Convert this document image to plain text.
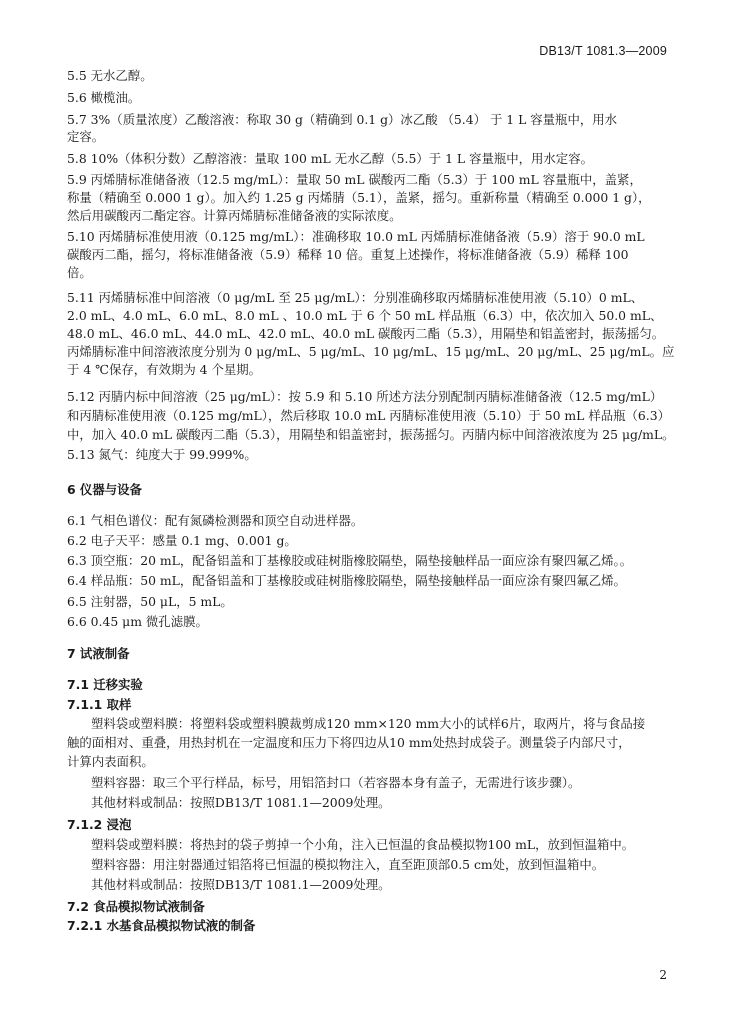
DB13/T 1081.3—2009
5.5 无水乙醇。
5.6 橄榄油。
5.7 3%（质量浓度）乙酸溶液：称取 30 g（精确到 0.1 g）冰乙酸 （5.4） 于 1 L 容量瓶中，用水
定容。
5.8 10%（体积分数）乙醇溶液：量取 100 mL 无水乙醇（5.5）于 1 L 容量瓶中，用水定容。
5.9 丙烯腈标准储备液（12.5 mg/mL）：量取 50 mL 碳酸丙二酯（5.3）于 100 mL 容量瓶中，盖紧，
称量（精确至 0.000 1 g）。加入约 1.25 g 丙烯腈（5.1），盖紧，摇匀。重新称量（精确至 0.000 1 g），
然后用碳酸丙二酯定容。计算丙烯腈标准储备液的实际浓度。
5.10 丙烯腈标准使用液（0.125 mg/mL）：准确移取 10.0 mL 丙烯腈标准储备液（5.9）溶于 90.0 mL
碳酸丙二酯，摇匀，将标准储备液（5.9）稀释 10 倍。重复上述操作，将标准储备液（5.9）稀释 100
倍。
5.11 丙烯腈标准中间溶液（0 μg/mL 至 25 μg/mL）：分别准确移取丙烯腈标准使用液（5.10）0 mL、
2.0 mL、4.0 mL、6.0 mL、8.0 mL 、10.0 mL 于 6 个 50 mL 样品瓶（6.3）中，依次加入 50.0 mL、
48.0 mL、46.0 mL、44.0 mL、42.0 mL、40.0 mL 碳酸丙二酯（5.3），用隔垫和铝盖密封，振荡摇匀。
丙烯腈标准中间溶液浓度分别为 0 μg/mL、5 μg/mL、10 μg/mL、15 μg/mL、20 μg/mL、25 μg/mL。应
于 4 ℃保存，有效期为 4 个星期。
5.12 丙腈内标中间溶液（25 μg/mL）：按 5.9 和 5.10 所述方法分别配制丙腈标准储备液（12.5 mg/mL）
和丙腈标准使用液（0.125 mg/mL），然后移取 10.0 mL 丙腈标准使用液（5.10）于 50 mL 样品瓶（6.3）
中，加入 40.0 mL 碳酸丙二酯（5.3），用隔垫和铝盖密封，振荡摇匀。丙腈内标中间溶液浓度为 25 μg/mL。
5.13 氮气：纯度大于 99.999%。
6 仪器与设备
6.1 气相色谱仪：配有氮磷检测器和顶空自动进样器。
6.2 电子天平：感量 0.1 mg、0.001 g。
6.3 顶空瓶：20 mL，配备铝盖和丁基橡胶或硅树脂橡胶隔垫，隔垫接触样品一面应涂有聚四氟乙烯。。
6.4 样品瓶：50 mL，配备铝盖和丁基橡胶或硅树脂橡胶隔垫，隔垫接触样品一面应涂有聚四氟乙烯。
6.5 注射器，50 μL，5 mL。
6.6 0.45 μm 微孔滤膜。
7 试液制备
7.1 迁移实验
7.1.1 取样
塑料袋或塑料膜：将塑料袋或塑料膜裁剪成120 mm×120 mm大小的试样6片，取两片，将与食品接
触的面相对、重叠，用热封机在一定温度和压力下将四边从10 mm处热封成袋子。测量袋子内部尺寸，
计算内表面积。
塑料容器：取三个平行样品，标号，用铝箔封口（若容器本身有盖子，无需进行该步骤）。
其他材料或制品：按照DB13/T 1081.1—2009处理。
7.1.2 浸泡
塑料袋或塑料膜：将热封的袋子剪掉一个小角，注入已恒温的食品模拟物100 mL，放到恒温箱中。
塑料容器：用注射器通过铝箔将已恒温的模拟物注入，直至距顶部0.5 cm处，放到恒温箱中。
其他材料或制品：按照DB13/T 1081.1—2009处理。
7.2 食品模拟物试液制备
7.2.1 水基食品模拟物试液的制备
2
